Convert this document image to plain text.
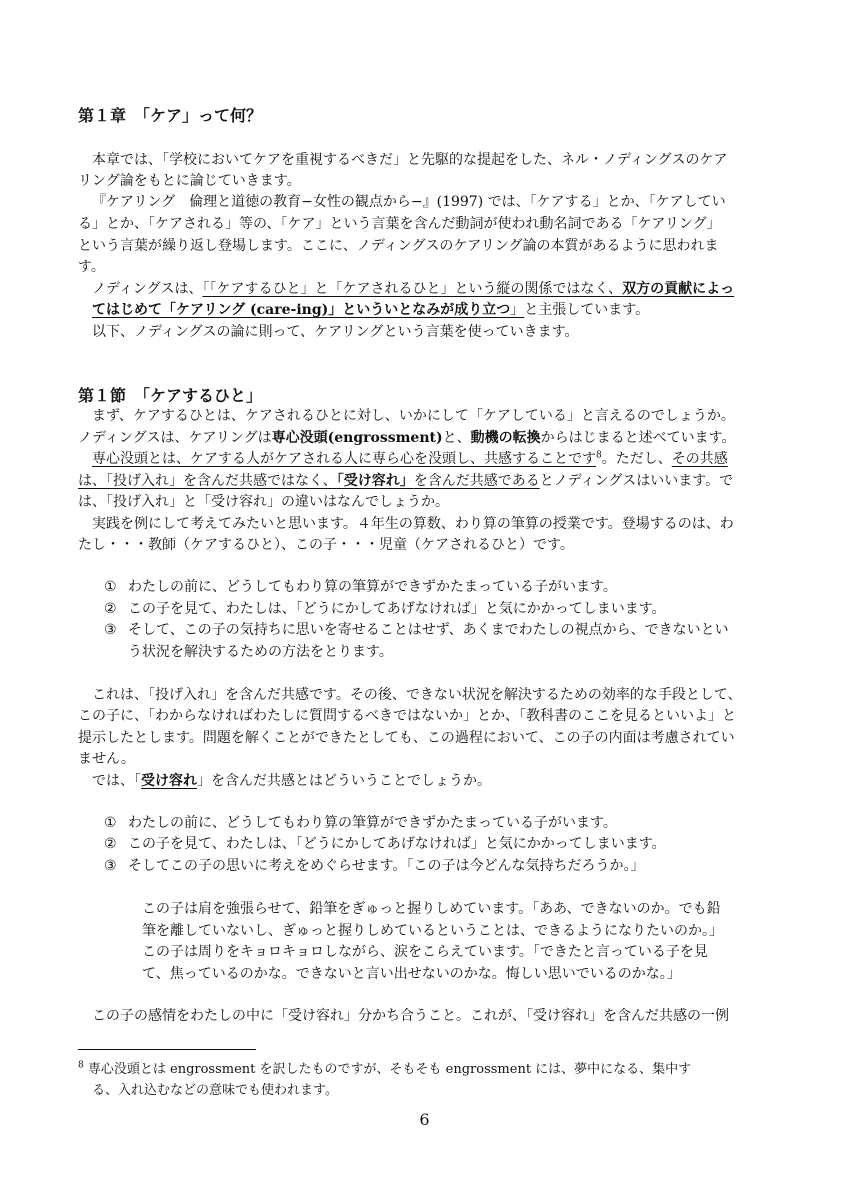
第１章　「ケア」って何？
本章では、「学校においてケアを重視するべきだ」と先駆的な提起をした、ネル・ノディングスのケア
リング論をもとに論じていきます。
『ケアリング　倫理と道徳の教育−女性の観点から−』(1997) では、「ケアする」とか、「ケアしてい
る」とか、「ケアされる」等の、「ケア」という言葉を含んだ動詞が使われ動名詞である「ケアリング」
という言葉が繰り返し登場します。ここに、ノディングスのケアリング論の本質があるように思われま
す。
ノディングスは、「「ケアするひと」と「ケアされるひと」という縦の関係ではなく、双方の貢献によっ
てはじめて「ケアリング (care-ing)」といういとなみが成り立つ」と主張しています。
以下、ノディングスの論に則って、ケアリングという言葉を使っていきます。
第１節　「ケアするひと」
まず、ケアするひとは、ケアされるひとに対し、いかにして「ケアしている」と言えるのでしょうか。
ノディングスは、ケアリングは専心没頭(engrossment)と、動機の転換からはじまると述べています。
専心没頭とは、ケアする人がケアされる人に専ら心を没頭し、共感することです$^8$。ただし、その共感
は、「投げ入れ」を含んだ共感ではなく、「受け容れ」を含んだ共感であるとノディングスはいいます。で
は、「投げ入れ」と「受け容れ」の違いはなんでしょうか。
実践を例にして考えてみたいと思います。４年生の算数、わり算の筆算の授業です。登場するのは、わ
たし・・・教師（ケアするひと）、この子・・・児童（ケアされるひと）です。
① わたしの前に、どうしてもわり算の筆算ができずかたまっている子がいます。
② この子を見て、わたしは、「どうにかしてあげなければ」と気にかかってしまいます。
③ そして、この子の気持ちに思いを寄せることはせず、あくまでわたしの視点から、できないとい
う状況を解決するための方法をとります。
これは、「投げ入れ」を含んだ共感です。その後、できない状況を解決するための効率的な手段として、
この子に、「わからなければわたしに質問するべきではないか」とか、「教科書のここを見るといいよ」と
提示したとします。問題を解くことができたとしても、この過程において、この子の内面は考慮されてい
ません。
では、「受け容れ」を含んだ共感とはどういうことでしょうか。
① わたしの前に、どうしてもわり算の筆算ができずかたまっている子がいます。
② この子を見て、わたしは、「どうにかしてあげなければ」と気にかかってしまいます。
③ そしてこの子の思いに考えをめぐらせます。「この子は今どんな気持ちだろうか。」
この子は肩を強張らせて、鉛筆をぎゅっと握りしめています。「ああ、できないのか。でも鉛
筆を離していないし、ぎゅっと握りしめているということは、できるようになりたいのか。」
この子は周りをキョロキョロしながら、涙をこらえています。「できたと言っている子を見
て、焦っているのかな。できないと言い出せないのかな。悔しい思いでいるのかな。」
この子の感情をわたしの中に「受け容れ」分かち合うこと。これが、「受け容れ」を含んだ共感の一例
$^8$ 専心没頭とは engrossment を訳したものですが、そもそも engrossment には、夢中になる、集中す
る、入れ込むなどの意味でも使われます。
6
